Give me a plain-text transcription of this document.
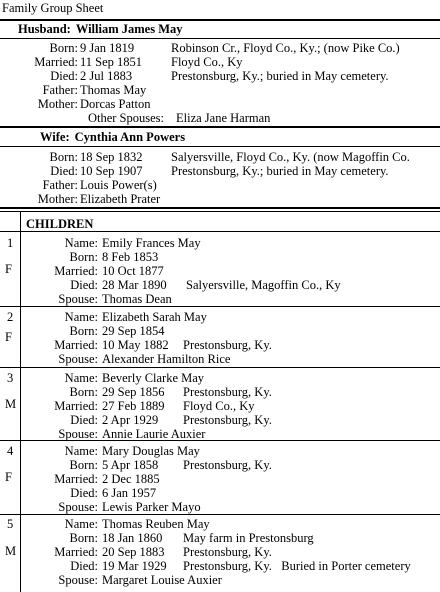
Family Group Sheet
Husband: William James May
Born: 9 Jan 1819	Robinson Cr., Floyd Co., Ky.; (now Pike Co.)
Married: 11 Sep 1851 Floyd Co., Ky
Died: 2 Jul 1883	Prestonsburg, Ky.; buried in May cemetery.
Father: Thomas May
Mother: Dorcas Patton
Other Spouses: Eliza Jane Harman
Wife: Cynthia Ann Powers
Born: 18 Sep 1832 Salyersville, Floyd Co., Ky. (now Magoffin Co.
Died: 10 Sep 1907 Prestonsburg, Ky.; buried in May cemetery.
Father: Louis Power(s)
Mother: Elizabeth Prater
CHILDREN
1
F
Name: Emily Frances May
Born: 8 Feb 1853
Married: 10 Oct 1877
Died: 28 Mar 1890 Salyersville, Magoffin Co., Ky
Spouse: Thomas Dean
2
F
Name: Elizabeth Sarah May
Born: 29 Sep 1854
Married: 10 May 1882 Prestonsburg, Ky.
Spouse: Alexander Hamilton Rice
3
M
Name: Beverly Clarke May
Born: 29 Sep 1856 Prestonsburg, Ky.
Married: 27 Feb 1889 Floyd Co., Ky
Died: 2 Apr 1929 Prestonsburg, Ky.
Spouse: Annie Laurie Auxier
4
F
Name: Mary Douglas May
Born: 5 Apr 1858 Prestonsburg, Ky.
Married: 2 Dec 1885
Died: 6 Jan 1957
Spouse: Lewis Parker Mayo
5
M
Name: Thomas Reuben May
Born: 18 Jan 1860 May farm in Prestonsburg
Married: 20 Sep 1883 Prestonsburg, Ky.
Died: 19 Mar 1929 Prestonsburg, Ky.   Buried in Porter cemetery
Spouse: Margaret Louise Auxier
